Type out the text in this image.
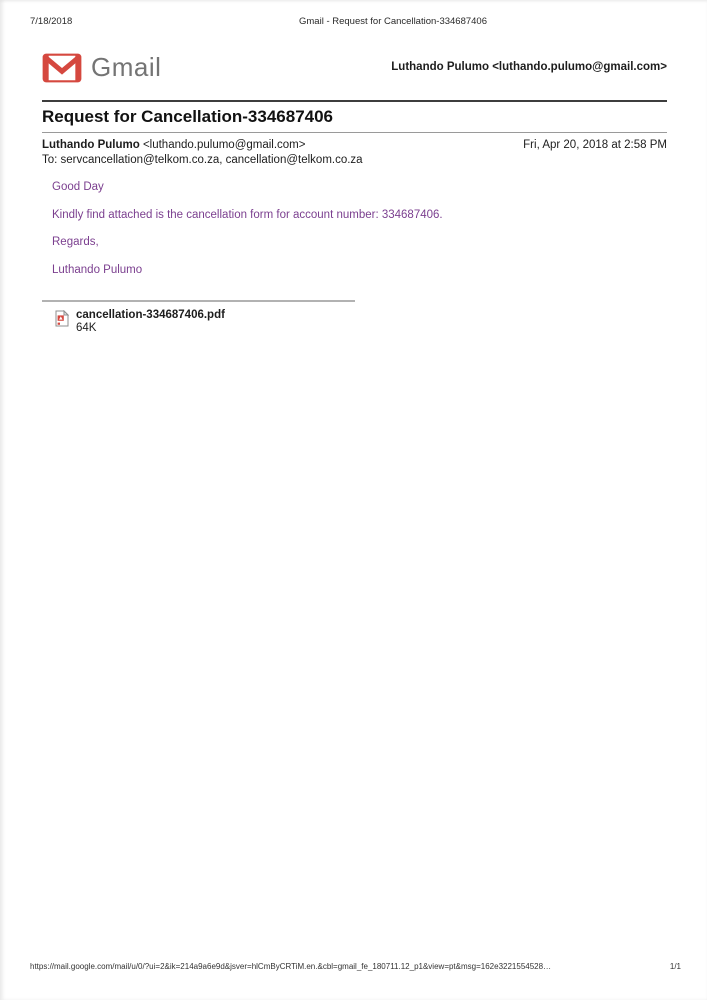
7/18/2018	Gmail - Request for Cancellation-334687406
Gmail	Luthando Pulumo <luthando.pulumo@gmail.com>
Request for Cancellation-334687406
Luthando Pulumo <luthando.pulumo@gmail.com>	Fri, Apr 20, 2018 at 2:58 PM
To: servcancellation@telkom.co.za, cancellation@telkom.co.za

Good Day

Kindly find attached is the cancellation form for account number: 334687406.

Regards,

Luthando Pulumo

cancellation-334687406.pdf
64K
https://mail.google.com/mail/u/0/?ui=2&ik=214a9a6e9d&jsver=hlCmByCRTiM.en.&cbl=gmail_fe_180711.12_p1&view=pt&msg=162e3221554528…	1/1
